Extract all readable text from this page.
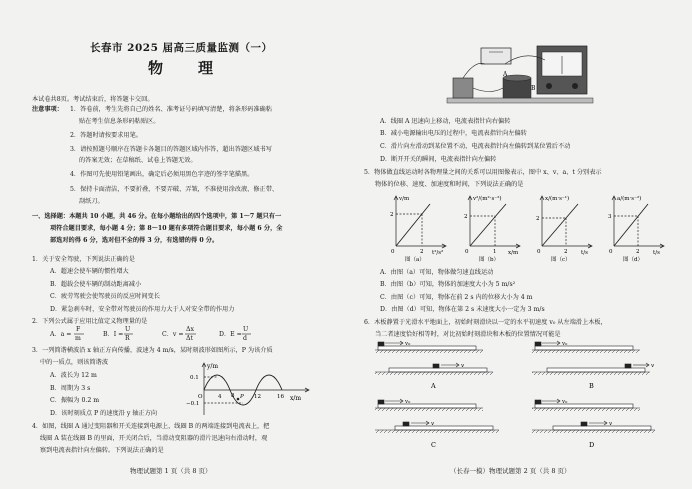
长春市 2025 届高三质量监测（一）
物　理
本试卷共8页。考试结束后，将答题卡交回。
注意事项： 1．答卷前，考生先将自己的姓名、准考证号码填写清楚，将条形码准确粘
贴在考生信息条形码粘贴区。
2．答题时请按要求用笔。
3．请按照题号顺序在答题卡各题目的答题区域内作答，超出答题区域书写
的答案无效；在草稿纸、试卷上答题无效。
4．作图可先使用铅笔画出，确定后必须用黑色字迹的签字笔描黑。
5．保持卡面清洁，不要折叠，不要弄破、弄皱，不准使用涂改液、修正带、
刮纸刀。
一、选择题：本题共 10 小题，共 46 分。在每小题给出的四个选项中，第 1～7 题只有一
项符合题目要求，每小题 4 分；第 8～10 题有多项符合题目要求，每小题 6 分，全
部选对的得 6 分，选对但不全的得 3 分，有选错的得 0 分。
1．关于安全驾驶，下列说法正确的是
A．超速会使车辆的惯性增大
B．超载会使车辆的制动距离减小
C．疲劳驾驶会使驾驶员的反应时间变长
D．紧急刹车时，安全带对驾驶员的作用力大于人对安全带的作用力
2．下列公式属于应用比值定义物理量的是
A．a =
F
m
B．I =
U
R
C．v =
Δx
Δt
D．E =
U
d
3．一列简谐横波沿 x 轴正方向传播，波速为 4 m/s，某时刻波形如图所示，P 为该介质
中的一质点，则该简谐波
A．波长为 12 m
B．周期为 3 s
C．振幅为 0.2 m
D．该时刻质点 P 的速度沿 y 轴正方向
y/m
0.1
−0.1
O	4	P
8	12	16 x/m
4．如图，线圈 A 通过变阻器和开关连接到电源上，线圈 B 的两端连接到电流表上，把
线圈 A 装在线圈 B 的里面，开关闭合后，当滑动变阻器的滑片迅速向右滑动时，观
察到电流表指针向左偏转。下列说法正确的是
物理试题第 1 页（共 8 页）
A
B
A．线圈 A 迅速向上移动，电流表指针向右偏转
B．减小电源输出电压的过程中，电流表指针向左偏转
C．滑片向左滑动到某位置不动，电流表指针向左偏转到某位置后不动
D．断开开关的瞬间，电流表指针向左偏转
5．物体做直线运动时各物理量之间的关系可以用图像表示，图中 x、v、a、t 分别表示
物体的位移、速度、加速度和时间，下列说法正确的是
v/m
2
0	2 t²/s²
图（a）
v²/(m²·s⁻²)
2
0	1 x/m
图（b）
x/(m·s⁻¹)
2
0	2 t/s
图（c）
a/(m·s⁻²)
3
0	2 t/s
图（d）
A．由图（a）可知，物体做匀速直线运动
B．由图（b）可知，物体的加速度大小为 5 m/s²
C．由图（c）可知，物体在前 2 s 内的位移大小为 4 m
D．由图（d）可知，物体在第 2 s 末速度大小一定为 3 m/s
6．木板静置于光滑水平地面上，初始时刻滑块以一定的水平初速度 v₀ 从左端滑上木板，
当二者速度恰好相等时，对比初始时刻滑块和木板的位置情况可能是
v₀	v₀
v	v
v₀	v₀
v	v
A	B
C	D
（长春一模）物理试题第 2 页（共 8 页）
